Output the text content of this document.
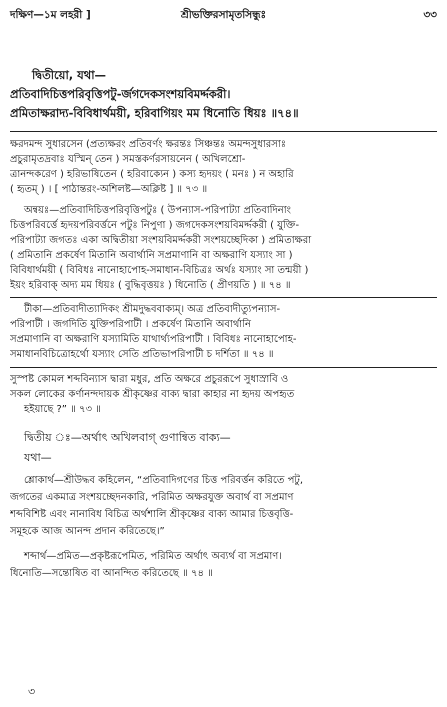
দক্ষিণ—১ম লহরী ]	শ্রীভক্তিরসামৃতসিন্ধুঃ	৩৩
দ্বিতীয়ো, যথা—
প্রতিবাদিচিত্তপরিবৃত্তিপটু-র্জগদেকসংশয়বিমর্দ্দকরী।
প্রমিতাক্ষরাদ্য-বিবিধার্থময়ী, হরিবাগিয়ং মম ধিনোতি ধিয়ঃ ॥৭৪॥
ক্ষরদমন্দ সুধারসেন (প্রত্যক্ষরং প্রতিবর্ণং ক্ষরন্তঃ সিঞ্চন্তঃ অমন্দসুধারসাঃ
প্রচুরামৃতদ্রবাঃ যস্মিন্ তেন ) সমস্তকর্ণরসায়নেন ( অখিলশ্রো-
ত্রানন্দকরেণ ) হরিভাষিতেন ( হরিবাক্যেন ) কস্য হৃদয়ং ( মনঃ ) ন অহারি
( হৃতম্ ) । [ পাঠান্তরং-অশিলষ্ট—অক্লিষ্ট ] ॥ ৭৩ ॥
অন্বয়ঃ—প্রতিবাদিচিত্তপরিবৃত্তিপটুঃ ( উপন্যাস-পরিপাট্যা প্রতিবাদিনাং
চিত্তপরিবর্ত্তে হৃদয়পরিবর্ত্তনে পটুঃ নিপুণা ) জগদেকসংশয়বিমর্দ্দকরী ( যুক্তি-
পরিপাট্যা জগতঃ একা অদ্বিতীয়া সংশয়বিমর্দ্দকরী সংশয়চ্ছেদিকা ) প্রমিতাক্ষরা
( প্রমিতানি প্রকর্ষেণ মিতানি অবার্থানি সপ্রমাণানি বা অক্ষরাণি যস্যাং সা )
বিবিধার্থময়ী ( বিবিধঃ নানোহাপোহ-সমাধান-বিচিত্রঃ অর্থঃ যস্যাং সা তন্ময়ী )
ইয়ং হরিবাক্ অদ্য মম ধিয়ঃ ( বুদ্ধিবৃত্তয়ঃ ) ধিনোতি ( প্রীণয়তি ) ॥ ৭৪ ॥
টীকা—প্রতিবাদীত্যাদিকং শ্রীমদুদ্ধববাক্যম্। অত্র প্রতিবাদীত্যুপন্যাস-
পরিপাটী । জগদিতি যুক্তিপরিপাটী । প্রকর্ষেণ মিতানি অবার্থানি
সপ্রমাণানি বা অক্ষরাণি যস্যামিতি যাথার্থ্যপরিপাটী । বিবিধঃ নানোহাপোহ-
সমাধানবিচিত্রোহর্থো যস্যাং সেতি প্রতিভাপরিপাটী চ দর্শিতা ॥ ৭৪ ॥
সুস্পষ্ট কোমল শব্দবিন্যাস দ্বারা মধুর, প্রতি অক্ষরে প্রচুররূপে সুধাস্রাবি ও
সকল লোকের কর্ণানন্দদায়ক শ্রীকৃষ্ণের বাক্য দ্বারা কাহার না হৃদয় অপহৃত
হইয়াছে ?” ॥ ৭৩ ॥
দ্বিতীয় ঃ—অর্থাৎ অখিলবাগ্ গুণান্বিত বাক্য—
যথা—
শ্লোকার্থ—শ্রীউদ্ধব কহিলেন, “প্রতিবাদিগণের চিত্ত পরিবর্ত্তন করিতে পটু,
জগতের একমাত্র সংশয়চ্ছেদনকারি, পরিমিত অক্ষরযুক্ত অবার্থ বা সপ্রমাণ
শব্দবিশিষ্ট এবং নানাবিধ বিচিত্র অর্থশালি শ্রীকৃষ্ণের বাক্য আমার চিত্তবৃত্তি-
সমূহকে আজ আনন্দ প্রদান করিতেছে।”
শব্দার্থ—প্রমিত—প্রকৃষ্টরূপেমিত, পরিমিত অর্থাৎ অব্যর্থ বা সপ্রমাণ।
ধিনোতি—সন্তোষিত বা আনন্দিত করিতেছে ॥ ৭৪ ॥
৩
